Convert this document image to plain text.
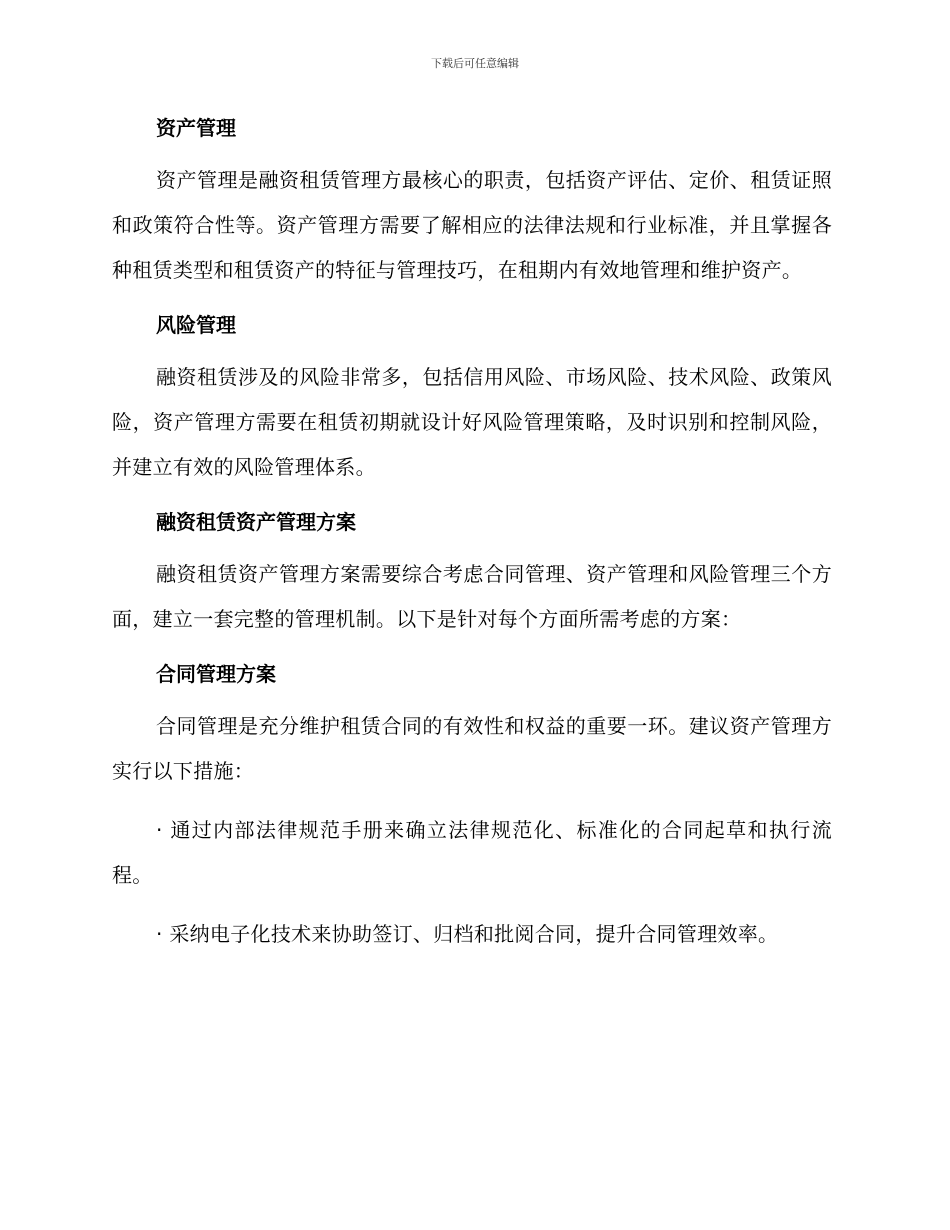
下载后可任意编辑
资产管理

资产管理是融资租赁管理方最核心的职责，包括资产评估、定价、租赁证照和政策符合性等。资产管理方需要了解相应的法律法规和行业标准，并且掌握各种租赁类型和租赁资产的特征与管理技巧，在租期内有效地管理和维护资产。

风险管理

融资租赁涉及的风险非常多，包括信用风险、市场风险、技术风险、政策风险，资产管理方需要在租赁初期就设计好风险管理策略，及时识别和控制风险，并建立有效的风险管理体系。

融资租赁资产管理方案

融资租赁资产管理方案需要综合考虑合同管理、资产管理和风险管理三个方面，建立一套完整的管理机制。以下是针对每个方面所需考虑的方案：

合同管理方案

合同管理是充分维护租赁合同的有效性和权益的重要一环。建议资产管理方实行以下措施：

· 通过内部法律规范手册来确立法律规范化、标准化的合同起草和执行流程。

· 采纳电子化技术来协助签订、归档和批阅合同，提升合同管理效率。
